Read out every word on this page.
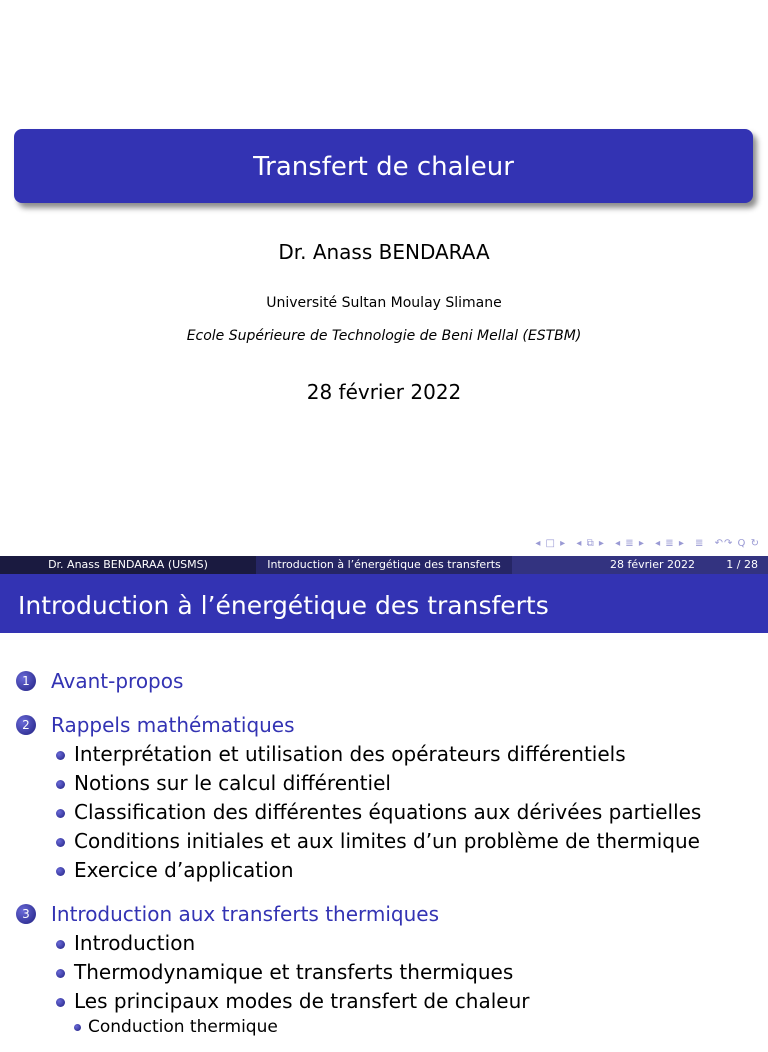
Transfert de chaleur
Dr. Anass BENDARAA
Université Sultan Moulay Slimane
Ecole Supérieure de Technologie de Beni Mellal (ESTBM)
28 février 2022
◂ □ ▸ ◂ ⧉ ▸ ◂ ≣ ▸ ◂ ≣ ▸ ≣ ↶↷ Q ↻
Dr. Anass BENDARAA (USMS)	Introduction à l’énergétique des transferts	28 février 2022	1 / 28
Introduction à l’énergétique des transferts
1	Avant-propos
2	Rappels mathématiques
Interprétation et utilisation des opérateurs différentiels
Notions sur le calcul différentiel
Classification des différentes équations aux dérivées partielles
Conditions initiales et aux limites d’un problème de thermique
Exercice d’application
3	Introduction aux transferts thermiques
Introduction
Thermodynamique et transferts thermiques
Les principaux modes de transfert de chaleur
Conduction thermique
